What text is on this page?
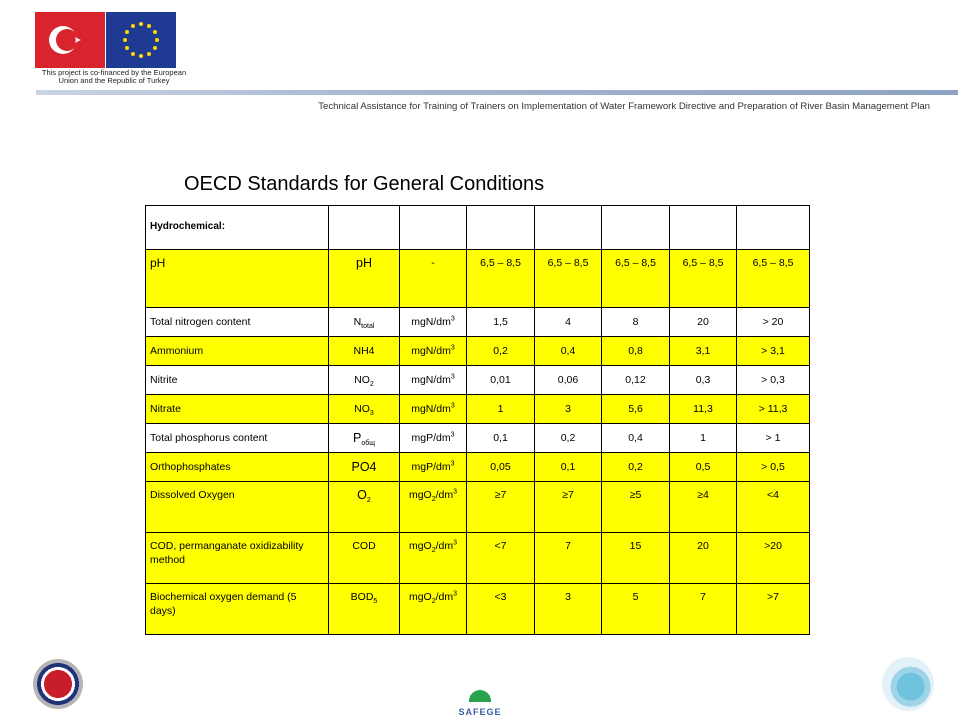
This project is co-financed by the European Union and the Republic of Turkey
Technical Assistance for Training of Trainers on Implementation of Water Framework Directive and Preparation of River Basin Management Plan
OECD Standards for General Conditions
Hydrochemical:							
pH	pH	-	6,5 – 8,5	6,5 – 8,5	6,5 – 8,5	6,5 – 8,5	6,5 – 8,5
Total nitrogen content	$N_{total}$	mgN/$dm^3$	1,5	4	8	20	> 20
Ammonium	NH4	mgN/$dm^3$	0,2	0,4	0,8	3,1	> 3,1
Nitrite	$NO_2$	mgN/$dm^3$	0,01	0,06	0,12	0,3	> 0,3
Nitrate	$NO_3$	mgN/$dm^3$	1	3	5,6	11,3	> 11,3
Total phosphorus content	$P_{общ}$	mgP/$dm^3$	0,1	0,2	0,4	1	> 1
Orthophosphates	PO4	mgP/$dm^3$	0,05	0,1	0,2	0,5	> 0,5
Dissolved Oxygen	$O_2$	$mgO_2/dm^3$	≥7	≥7	≥5	≥4	<4
COD, permanganate oxidizability method	COD	$mgO_2/dm^3$	<7	7	15	20	>20
Biochemical oxygen demand (5 days)	$BOD_5$	$mgO_2/dm^3$	<3	3	5	7	>7
SAFEGE
